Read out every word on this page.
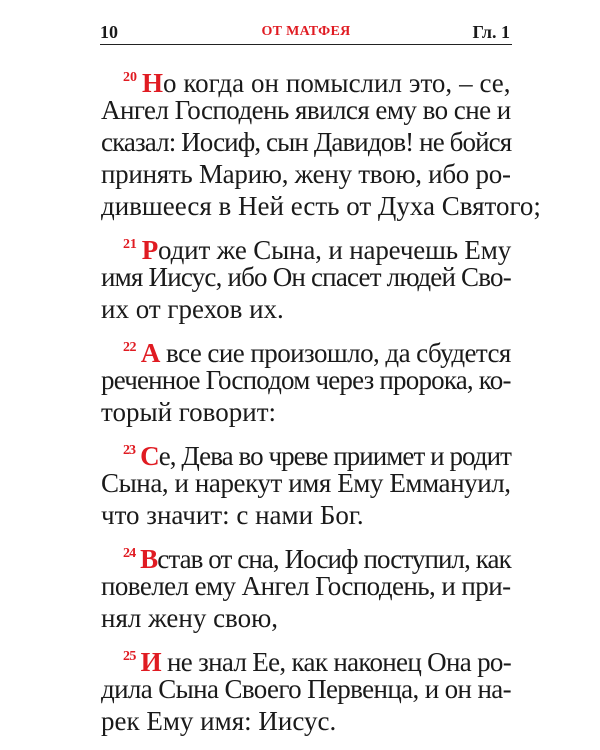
10	ОТ МАТФЕЯ	Гл. 1
$^{20}$ Но когда он помыслил это, – се,
Ангел Господень явился ему во сне и
сказал: Иосиф, сын Давидов! не бойся
принять Марию, жену твою, ибо ро-
дившееся в Ней есть от Духа Святого;
$^{21}$ Родит же Сына, и наречешь Ему
имя Иисус, ибо Он спасет людей Сво-
их от грехов их.
$^{22}$ А все сие произошло, да сбудется
реченное Господом через пророка, ко-
торый говорит:
$^{23}$ Се, Дева во чреве приимет и родит
Сына, и нарекут имя Ему Еммануил,
что значит: с нами Бог.
$^{24}$ Встав от сна, Иосиф поступил, как
повелел ему Ангел Господень, и при-
нял жену свою,
$^{25}$ И не знал Ее, как наконец Она ро-
дила Сына Своего Первенца, и он на-
рек Ему имя: Иисус.
